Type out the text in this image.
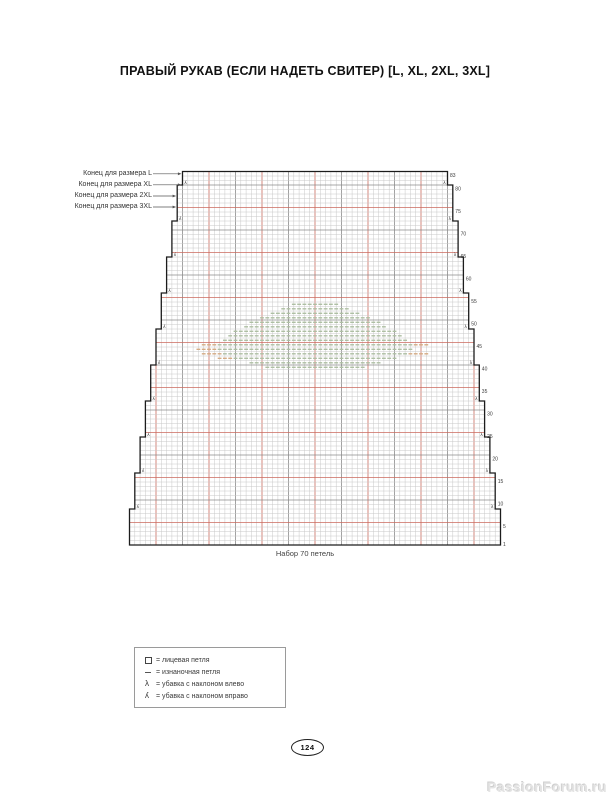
ПРАВЫЙ РУКАВ (ЕСЛИ НАДЕТЬ СВИТЕР) [L, XL, 2XL, 3XL]
λ	λ
λ	λ
λ	λ
λ	λ
λ	λ
λ	λ
λ	λ
λ	λ
λ	λ
λ	λ
1
5
10
15
20
25
30
35
40
45
50
55
60
65
70
75
80
83
Конец для размера L
Конец для размера XL
Конец для размера 2XL
Конец для размера 3XL
Набор 70 петель
= лицевая петля
= изнаночная петля
λ = убавка с наклоном влево
λ = убавка с наклоном вправо
124
PassionForum.ru
